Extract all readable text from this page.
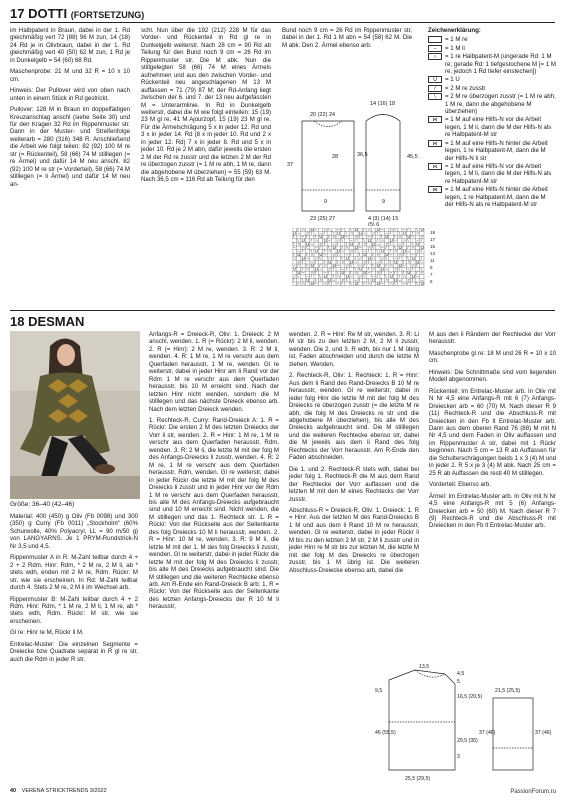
17 DOTTI (FORTSETZUNG)

im Halbpatent in Braun, dabei in der 1. Rd gleichmäßig vert 72 (88) 96 M zun, 14 (18) 24 Rd je in Olivbraun, dabei in der 1. Rd gleichmäßig vert 40 (50) 62 M zun, 1 Rd je in Dunkelgelb = 54 (60) 68 Rd.

Maschenprobe: 21 M und 32 R = 10 x 10 cm.

Hinweis: Der Pullover wird von oben nach unten in einem Stück in Rd gestrickt.

Pullover: 128 M in Braun im doppelfädigen Kreuzanschlag anschl (siehe Seite 30) und für den Kragen 32 Rd im Rippenmuster str. Dann in der Muster- und Streifenfolge weiterarb = 280 (316) 348 R. Anschließend die Arbeit wie folgt teilen: 82 (92) 100 M re str (= Rückenteil), 58 (66) 74 M stilllegen (= re Ärmel) und dafür 14 M neu anschl. 82 (92) 100 M re str (= Vorderteil), 58 (66) 74 M stilllegen (= li Ärmel) und dafür 14 M neu an-

schl. Nun über die 192 (212) 228 M für das Vorder- und Rückenteil in Rd gl re in Dunkelgelb weiterstr. Nach 28 cm = 90 Rd ab Teilung für den Bund noch 9 cm = 26 Rd im Rippenmuster str. Die M abk. Nun die stillgelegten 58 (66) 74 M eines Ärmels aufnehmen und aus den zwischen Vorder- und Rückenteil neu angeschlagenen M 13 M auffassen = 71 (79) 87 M; der Rd-Anfang liegt zwischen der 6. und 7. der 13 neu aufgefassten M = Unterarmlinie. In Rd in Dunkelgelb weiterstr, dabei die M wie folgt einteilen: 15 (19) 23 M gl re, 41 M Ajourzopf, 15 (19) 23 M gl re. Für die Ärmelschrägung 5 x in jeder 12. Rd und 3 x in jeder 14. Rd (8 x in jeder 10. Rd und 2 x in jeder 12. Rd) 7 x in jeder 8. Rd und 5 x in jeder 10. Rd je 2 M abn, dafür jeweils die ersten 2 M der Rd re zusstr und die letzten 2 M der Rd re überzogen zusstr (= 1 M re abh, 1 M re, dann die abgehobene M überziehen) = 55 (59) 63 M. Nach 36,5 cm = 116 Rd ab Teilung für den

Bund noch 9 cm = 26 Rd im Rippenmuster str, dabei in der 1. Rd 1 M abn = 54 (58) 62 M. Die M abk. Den 2. Ärmel ebenso arb.

20 (22) 24
14 (16) 18
37
28	36,5	45,5
9	9
23 (25) 27	4 (3) (14) 15
(5) 6
/ ∩ U – ∩ \ – / \ U / ∩ U – ∩ \ – / \ U
U – ∩ \ – / \ U / ∩ U – ∩ \ – / \ U / ∩
\ – / \ U / ∩ U – ∩ \ – / \ U / ∩ U – ∩
\ U / ∩ U – ∩ \ – / \ U / ∩ U – ∩ \ – /
/ ∩ U – ∩ \ – / \ U / ∩ U – ∩ \ – / \ U
– ∩ \ – / \ U / ∩ U – ∩ \ – / \ U / ∩ U
– / \ U / ∩ U – ∩ \ – / \ U / ∩ U – ∩ \
\ U / ∩ U – ∩ \ – / \ U / ∩ U – ∩ \ – /
∩ U – ∩ \ – / \ U / ∩ U – ∩ \ – / \ U /
∩ \ – / \ U / ∩ U – ∩ \ – / \ U / ∩ U –
– / \ U / ∩ U – ∩ \ – / \ U / ∩ U – ∩ \
U / ∩ U – ∩ \ – / \ U / ∩ U – ∩ \ – / \
U – ∩ \ – / \ U / ∩ U – ∩ \ – / \ U / ∩
∩ \ – / \ U / ∩ U – ∩ \ – / \ U / ∩ U –
/ \ U / ∩ U – ∩ \ – / \ U / ∩ U – ∩ \ –
/ ∩ U – ∩ \ – / \ U / ∩ U – ∩ \ – / \ U
19
17
15
13
11
9
7
5
Zeichenerklärung:
= 1 M re
–	= 1 M li
∩	= 1 re Halbpatent-M (ungerade Rd: 1 M re; gerade Rd: 1 tiefgestochene M [= 1 M re, jedoch 1 Rd tiefer einstechen])
U	= 1 U
/	= 2 M re zusstr
\	= 2 M re überzogen zusstr (= 1 M re abh, 1 M re, dann die abgehobene M überziehen)
⋈	= 1 M auf eine Hilfs-N vor die Arbeit legen, 1 M li, dann die M der Hilfs-N als re Halbpatent-M str
⋈	= 1 M auf eine Hilfs-N hinter die Arbeit legen, 1 re Halbpatent-M, dann die M der Hilfs-N li str
⋈	= 1 M auf eine Hilfs-N vor die Arbeit legen, 1 M li, dann die M der Hilfs-N als re Halbpatent-M str
⋈	= 1 M auf eine Hilfs-N hinter die Arbeit legen, 1 re Halbpatent-M, dann die M der Hilfs-N als re Halbpatent-M str
18 DESMAN
Größe: 36–40 (42–46)

Material: 400 (450) g Oliv (Fb 0098) und 300 (350) g Curry (Fb 0011) „Stockholm“ (60% Schurwolle, 40% Polyacryl, LL = 90 m/50 g) von LANGYARNS. Je 1 PRYM-Rundstrick-N Nr 3,5 und 4,5.

Rippenmuster A in R: M-Zahl teilbar durch 4 + 2 + 2 Rdm. Hinr: Rdm, * 2 M re, 2 M li, ab * stets wdh, enden mit 2 M re, Rdm. Rückr: M str, wie sie erscheinen. In Rd: M-Zahl teilbar durch 4. Stets 2 M re, 2 M li im Wechsel arb.

Rippenmuster B: M-Zahl teilbar durch 4 + 2 Rdm. Hinr: Rdm, * 1 M re, 2 M li, 1 M re, ab * stets wdh, Rdm. Rückr: M str, wie sie erscheinen.

Gl re: Hinr re M, Rückr li M.

Entrelac-Muster: Die einzelnen Segmente = Dreiecke bzw Quadrate separat in R gl re str, auch die Rdm in jeder R str.

Anfangs-R = Dreieck-R, Oliv: 1. Dreieck: 2 M anschl, wenden. 1. R (= Rückr): 2 M li, wenden. 2. R (= Hinr): 2 M re, wenden. 3. R: 2 M li, wenden. 4. R: 1 M re, 1 M re verschr aus dem Querfaden herausstr, 1 M re, wenden. Gl re weiterstr, dabei in jeder Hinr am li Rand vor der Rdm 1 M re verschr aus dem Querfaden herausstr, bis 10 M erreicht sind. Nach der letzten Hinr nicht wenden, sondern die M stilllegen und das nächste Dreieck ebenso arb. Nach dem letzten Dreieck wenden.

1. Rechteck-R, Curry: Rand-Dreieck A: 1. R = Rückr: Die ersten 2 M des letzten Dreiecks der Vorr li str, wenden. 2. R = Hinr: 1 M re, 1 M re verschr aus dem Querfaden herausstr, Rdm, wenden. 3. R: 2 M li, die letzte M mit der folg M des Anfangs-Dreiecks li zusstr, wenden. 4. R: 2 M re, 1 M re verschr aus dem Querfaden herausstr, Rdm, wenden. Gl re weiterstr, dabei in jeder Rückr die letzte M mit der folg M des Dreiecks li zusstr und in jeder Hinr vor der Rdm 1 M re verschr aus dem Querfaden herausstr, bis alle M des Anfangs-Dreiecks aufgebraucht sind und 10 M erreicht sind. Nicht wenden, die M stilllegen und das 1. Rechteck str. 1. R = Rückr: Von der Rückseite aus der Seitenkante des folg Dreiecks 10 M li herausstr, wenden. 2. R = Hinr: 10 M re, wenden. 3. R: 9 M li, die letzte M mit der 1. M des folg Dreiecks li zusstr, wenden. Gl re weiterstr, dabei in jeder Rückr die letzte M mit der folg M des Dreiecks li zusstr, bis alle M des Dreiecks aufgebraucht sind. Die M stilllegen und die weiteren Rechtecke ebenso arb. Am R-Ende ein Rand-Dreieck B arb: 1. R = Rückr: Von der Rückseite aus der Seitenkante des letzten Anfangs-Dreiecks der R 10 M li herausstr,

wenden. 2. R = Hinr: Re M str, wenden. 3. R: Li M str bis zu den letzten 2 M, 2 M li zusstr, wenden. Die 2. und 3. R wdh, bis nur 1 M übrig ist, Faden abschneiden und durch die letzte M ziehen. Wenden.

2. Rechteck-R, Oliv: 1. Rechteck: 1. R = Hinr: Aus dem li Rand des Rand-Dreiecks B 10 M re herausstr, wenden. Gl re weiterstr, dabei in jeder folg Hinr die letzte M mit der folg M des Dreiecks re überzogen zusstr (= die letzte M re abh, die folg M des Dreiecks re str und die abgehobene M überziehen), bis alle M des Dreiecks aufgebraucht sind. Die M stilllegen und die weiteren Rechtecke ebenso str, dabei die M jeweils aus dem li Rand des folg Rechtecks der Vorr herausstr. Am R-Ende den Faden abschneiden.

Die 1. und 2. Rechteck-R stets wdh, dabei bei jeder folg 1. Rechteck-R die M aus dem Rand der Rechtecke der Vorr auffassen und die letzten M mit den M eines Rechtecks der Vorr zusstr.

Abschluss-R = Dreieck-R, Oliv: 1. Dreieck: 1. R = Hinr: Aus der letzten M des Rand-Dreiecks B 1 M und aus dem li Rand 10 M re herausstr, wenden. Gl re weiterstr, dabei in jeder Rückr li M bis zu den letzten 2 M str, 2 M li zusstr und in jeder Hinr re M str bis zur letzten M, die letzte M mit der folg M des Dreiecks re überzogen zusstr, bis 1 M übrig ist. Die weiteren Abschluss-Dreiecke ebenso arb, dabei die

M aus den li Rändern der Rechtecke der Vorr herausstr.

Maschenprobe gl re: 18 M und 26 R = 10 x 10 cm.

Hinweis: Die Schnittmaße sind vom liegenden Modell abgenommen.

Rückenteil: Im Entrelac-Muster arb. In Oliv mit N Nr 4,5 eine Anfangs-R mit 6 (7) Anfangs-Dreiecken arb = 60 (70) M. Nach dieser R 9 (11) Rechteck-R und die Abschluss-R mit Dreiecken in den Fb lt Entrelac-Muster arb. Dann aus dem oberen Rand 76 (88) M mit N Nr 4,5 und dem Faden in Oliv auffassen und im Rippenmuster A str, dabei mit 1 Rückr beginnen. Nach 5 cm = 13 R ab Auffassen für die Schulterschrägungen beids 1 x 3 (4) M und in jeder 2. R 5 x je 3 (4) M abk. Nach 25 cm = 25 R ab Auffassen die restl 40 M stilllegen.

Vorderteil: Ebenso arb.

Ärmel: Im Entrelac-Muster arb. In Oliv mit N Nr 4,5 eine Anfangs-R mit 5 (6) Anfangs-Dreiecken arb = 50 (60) M. Nach dieser R 7 (9) Rechteck-R und die Abschluss-R mit Dreiecken in den Fb lt Entrelac-Muster arb.

13,5
4,5
5
9,5
16,5 (20,5)
46 (55,5)
29,5 (35)
3
25,5 (29,5)
21,5 (25,5)
37 (46)	37 (46)
40 VERENA STRICKTRENDS 3/2022	PassionForum.ru
